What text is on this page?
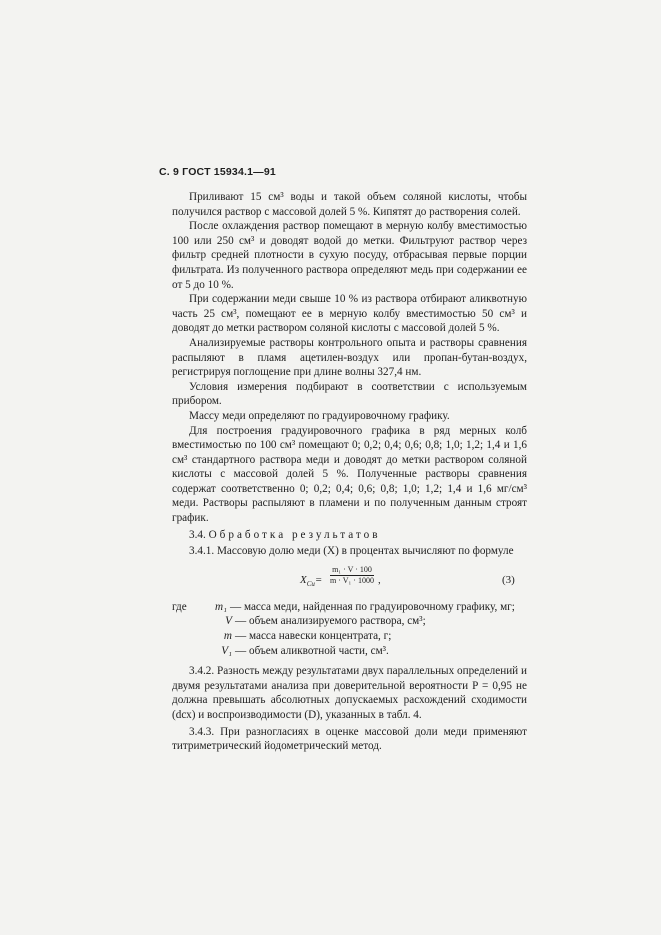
С. 9 ГОСТ 15934.1—91

Приливают 15 см³ воды и такой объем соляной кислоты, чтобы получился раствор с массовой долей 5 %. Кипятят до растворения солей.

После охлаждения раствор помещают в мерную колбу вместимостью 100 или 250 см³ и доводят водой до метки. Фильтруют раствор через фильтр средней плотности в сухую посуду, отбрасывая первые порции фильтрата. Из полученного раствора определяют медь при содержании ее от 5 до 10 %.

При содержании меди свыше 10 % из раствора отбирают аликвотную часть 25 см³, помещают ее в мерную колбу вместимостью 50 см³ и доводят до метки раствором соляной кислоты с массовой долей 5 %.

Анализируемые растворы контрольного опыта и растворы сравнения распыляют в пламя ацетилен-воздух или пропан-бутан-воздух, регистрируя поглощение при длине волны 327,4 нм.

Условия измерения подбирают в соответствии с используемым прибором.

Массу меди определяют по градуировочному графику.

Для построения градуировочного графика в ряд мерных колб вместимостью по 100 см³ помещают 0; 0,2; 0,4; 0,6; 0,8; 1,0; 1,2; 1,4 и 1,6 см³ стандартного раствора меди и доводят до метки раствором соляной кислоты с массовой долей 5 %. Полученные растворы сравнения содержат соответственно 0; 0,2; 0,4; 0,6; 0,8; 1,0; 1,2; 1,4 и 1,6 мг/см³ меди. Растворы распыляют в пламени и по полученным данным строят график.

3.4. Обработка результатов

3.4.1. Массовую долю меди (X) в процентах вычисляют по формуле

$X_{Cu}= \frac{\text{m₁ · V · 100}}{\text{m · V₁ · 1000}}$ ,	(3)
где	m₁ — масса меди, найденная по градуировочному графику, мг;
V — объем анализируемого раствора, см³;
m — масса навески концентрата, г;
V₁ — объем аликвотной части, см³.

3.4.2. Разность между результатами двух параллельных определений и двумя результатами анализа при доверительной вероятности P = 0,95 не должна превышать абсолютных допускаемых расхождений сходимости (dсх) и воспроизводимости (D), указанных в табл. 4.

3.4.3. При разногласиях в оценке массовой доли меди применяют титриметрический йодометрический метод.
